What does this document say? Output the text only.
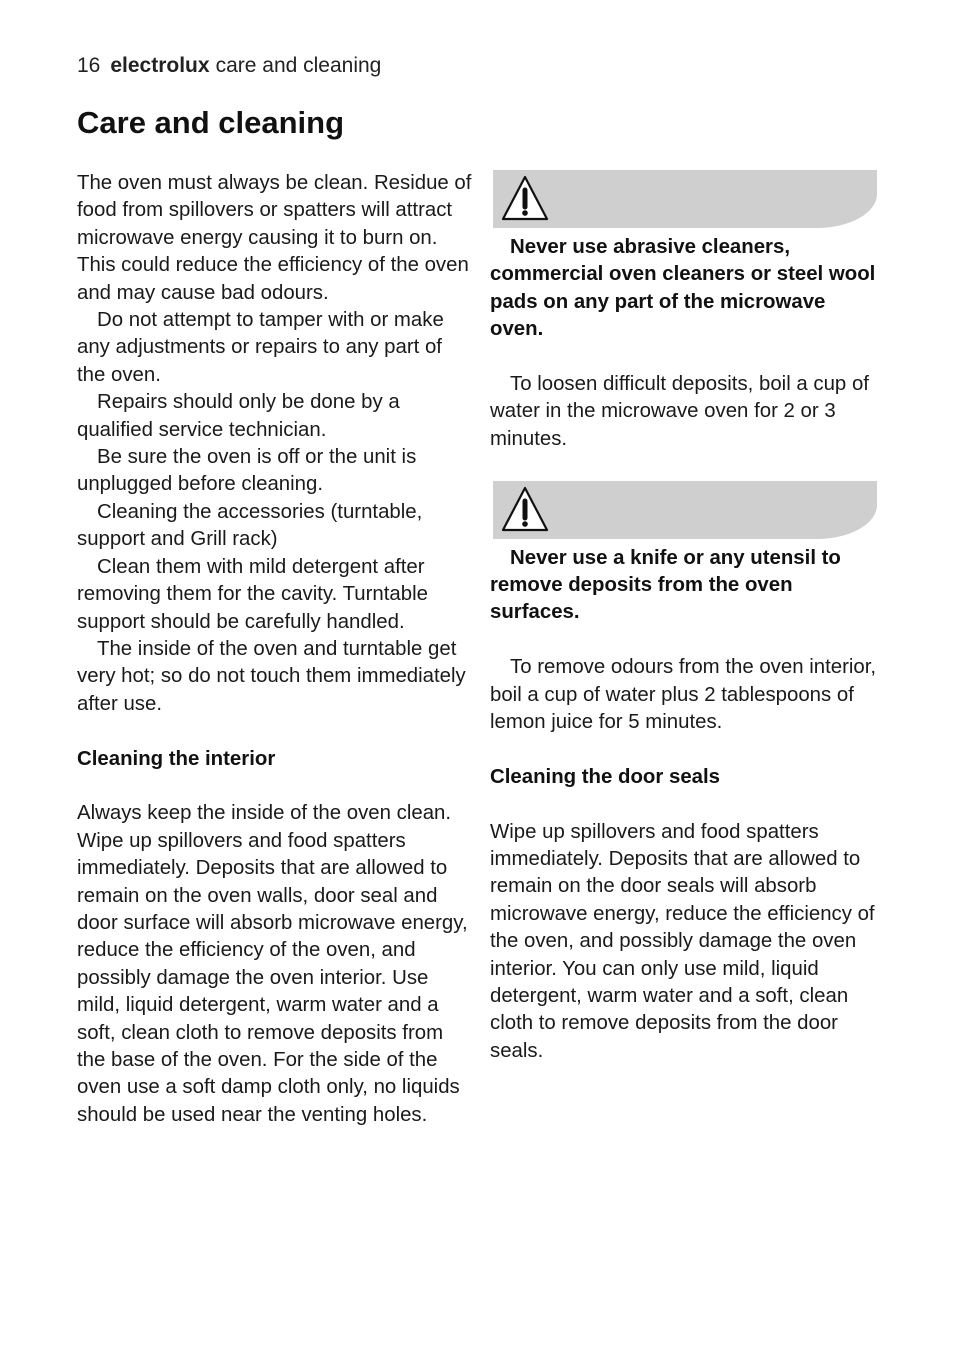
16 electrolux care and cleaning
Care and cleaning

The oven must always be clean. Residue of food from spillovers or spatters will attract microwave energy causing it to burn on. This could reduce the efficiency of the oven and may cause bad odours.

Do not attempt to tamper with or make any adjustments or repairs to any part of the oven.

Repairs should only be done by a qualified service technician.

Be sure the oven is off or the unit is unplugged before cleaning.

Cleaning the accessories (turntable, support and Grill rack)

Clean them with mild detergent after removing them for the cavity. Turntable support should be carefully handled.

The inside of the oven and turntable get very hot; so do not touch them immediately after use.

Cleaning the interior

Always keep the inside of the oven clean. Wipe up spillovers and food spatters immediately. Deposits that are allowed to remain on the oven walls, door seal and door surface will absorb microwave energy, reduce the efficiency of the oven, and possibly damage the oven interior. Use mild, liquid detergent, warm water and a soft, clean cloth to remove deposits from the base of the oven. For the side of the oven use a soft damp cloth only, no liquids should be used near the venting holes.

Never use abrasive cleaners, commercial oven cleaners or steel wool pads on any part of the microwave oven.

To loosen difficult deposits, boil a cup of water in the microwave oven for 2 or 3 minutes.

Never use a knife or any utensil to remove deposits from the oven surfaces.

To remove odours from the oven interior, boil a cup of water plus 2 tablespoons of lemon juice for 5 minutes.

Cleaning the door seals

Wipe up spillovers and food spatters immediately. Deposits that are allowed to remain on the door seals will absorb microwave energy, reduce the efficiency of the oven, and possibly damage the oven interior. You can only use mild, liquid detergent, warm water and a soft, clean cloth to remove deposits from the door seals.
